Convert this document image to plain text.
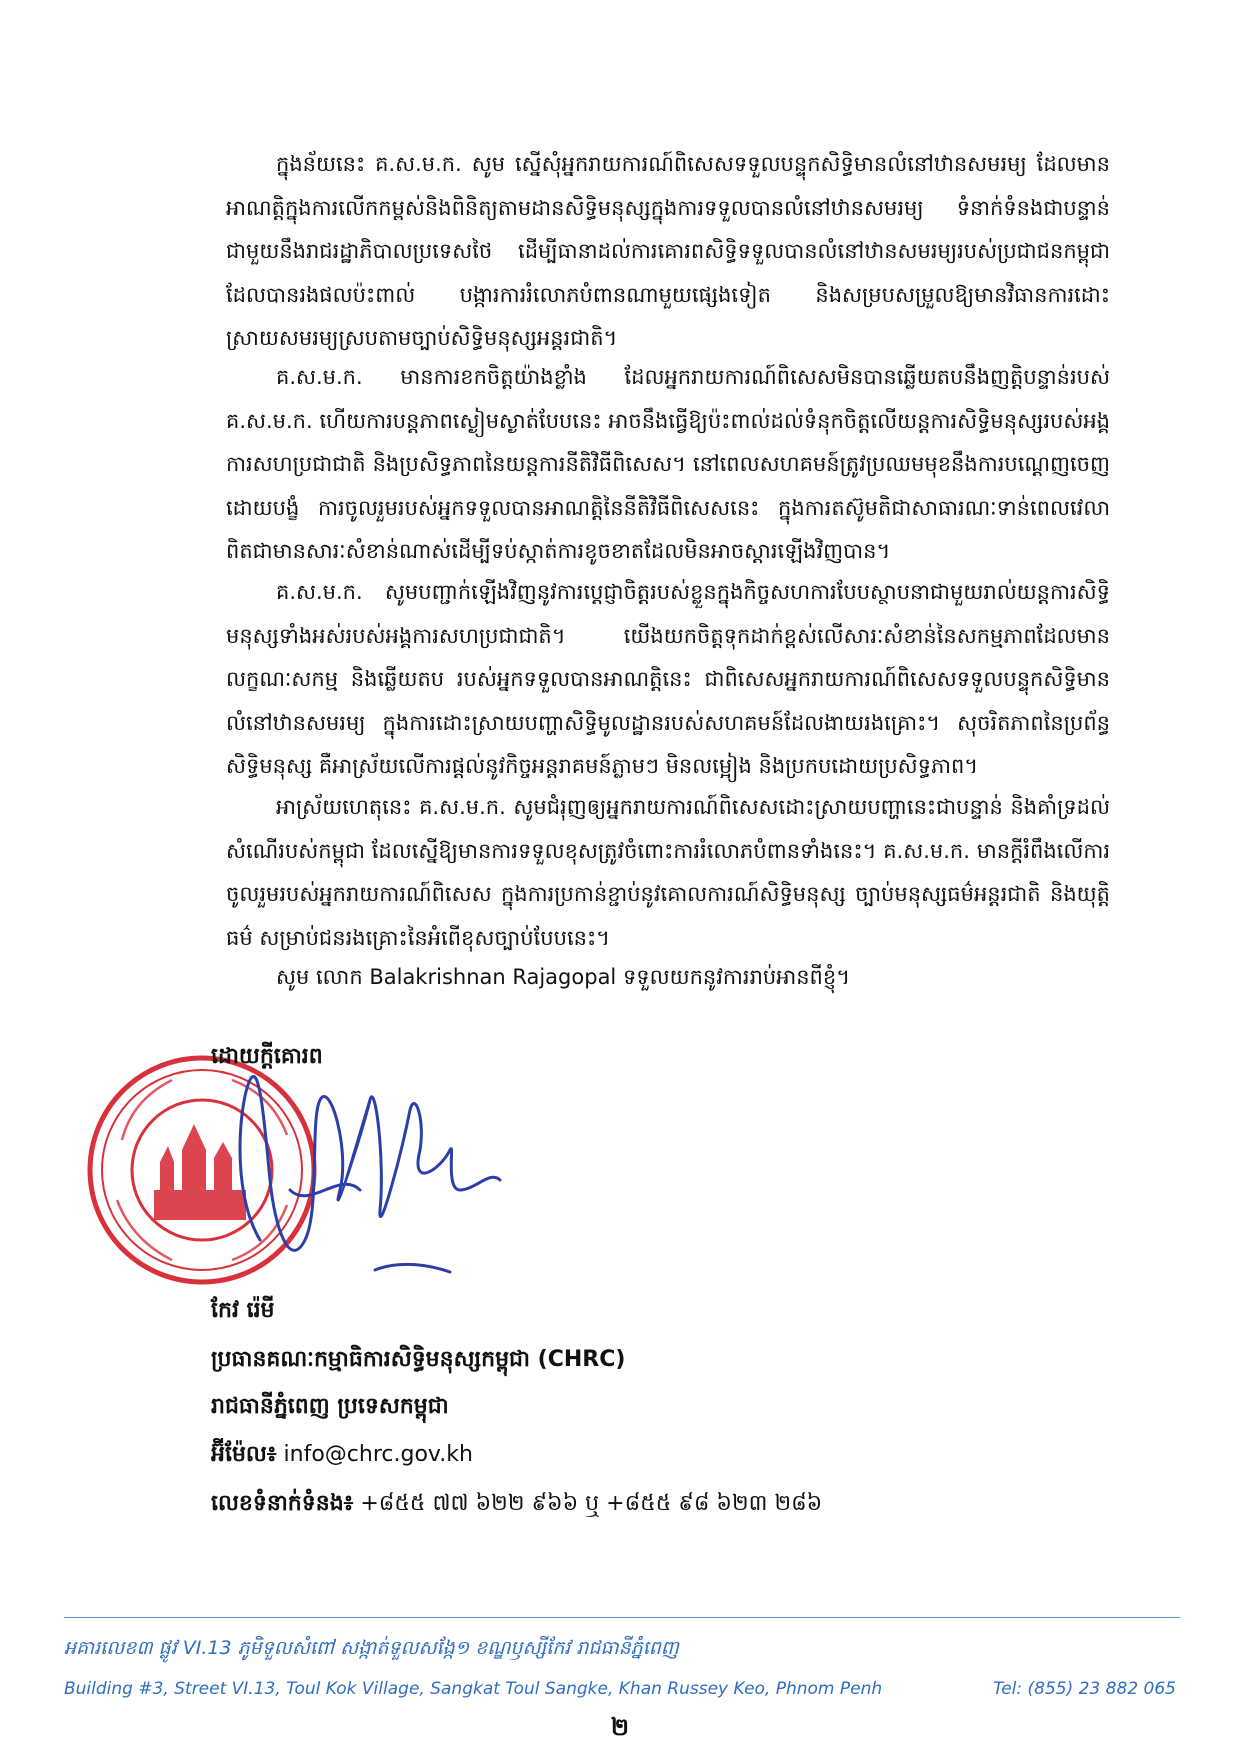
ក្នុងន័យនេះ គ.ស.ម.ក. សូម ស្នើសុំអ្នករាយការណ៍ពិសេសទទួលបន្ទុកសិទ្ធិមានលំនៅឋានសមរម្យ ដែលមានអាណត្តិក្នុងការលើកកម្ពស់និងពិនិត្យតាមដានសិទ្ធិមនុស្សក្នុងការទទួលបានលំនៅឋានសមរម្យ ទំនាក់ទំនងជាបន្ទាន់ជាមួយនឹងរាជរដ្ឋាភិបាលប្រទេសថៃ ដើម្បីធានាដល់ការគោរពសិទ្ធិទទួលបានលំនៅឋានសមរម្យរបស់ប្រជាជនកម្ពុជាដែលបានរងផលប៉ះពាល់ បង្ការការរំលោភបំពានណាមួយផ្សេងទៀត និងសម្របសម្រួលឱ្យមានវិធានការដោះស្រាយសមរម្យស្របតាមច្បាប់សិទ្ធិមនុស្សអន្តរជាតិ។

គ.ស.ម.ក. មានការខកចិត្តយ៉ាងខ្លាំង ដែលអ្នករាយការណ៍ពិសេសមិនបានឆ្លើយតបនឹងញត្តិបន្ទាន់របស់ គ.ស.ម.ក. ហើយការបន្តភាពស្ងៀមស្ងាត់បែបនេះ អាចនឹងធ្វើឱ្យប៉ះពាល់ដល់ទំនុកចិត្តលើយន្តការសិទ្ធិមនុស្សរបស់អង្គការសហប្រជាជាតិ និងប្រសិទ្ធភាពនៃយន្តការនីតិវិធីពិសេស។ នៅពេលសហគមន៍ត្រូវប្រឈមមុខនឹងការបណ្តេញចេញដោយបង្ខំ ការចូលរួមរបស់អ្នកទទួលបានអាណត្តិនៃនីតិវិធីពិសេសនេះ ក្នុងការតស៊ូមតិជាសាធារណៈទាន់ពេលវេលា ពិតជាមានសារៈសំខាន់ណាស់ដើម្បីទប់ស្កាត់ការខូចខាតដែលមិនអាចស្តារឡើងវិញបាន។

គ.ស.ម.ក. សូមបញ្ជាក់ឡើងវិញនូវការប្តេជ្ញាចិត្តរបស់ខ្លួនក្នុងកិច្ចសហការបែបស្ថាបនាជាមួយរាល់យន្តការសិទ្ធិមនុស្សទាំងអស់របស់អង្គការសហប្រជាជាតិ។ យើងយកចិត្តទុកដាក់ខ្ពស់លើសារៈសំខាន់នៃសកម្មភាពដែលមានលក្ខណៈសកម្ម និងឆ្លើយតប របស់អ្នកទទួលបានអាណត្តិនេះ ជាពិសេសអ្នករាយការណ៍ពិសេសទទួលបន្ទុកសិទ្ធិមានលំនៅឋានសមរម្យ ក្នុងការដោះស្រាយបញ្ហាសិទ្ធិមូលដ្ឋានរបស់សហគមន៍ដែលងាយរងគ្រោះ។ សុចរិតភាពនៃប្រព័ន្ធសិទ្ធិមនុស្ស គឺអាស្រ័យលើការផ្តល់នូវកិច្ចអន្តរាគមន៍ភ្លាមៗ មិនលម្អៀង និងប្រកបដោយប្រសិទ្ធភាព។

អាស្រ័យហេតុនេះ គ.ស.ម.ក. សូមជំរុញឲ្យអ្នករាយការណ៍ពិសេសដោះស្រាយបញ្ហានេះជាបន្ទាន់ និងគាំទ្រដល់សំណើរបស់កម្ពុជា ដែលស្នើឱ្យមានការទទួលខុសត្រូវចំពោះការរំលោភបំពានទាំងនេះ។ គ.ស.ម.ក. មានក្តីរំពឹងលើការចូលរួមរបស់អ្នករាយការណ៍ពិសេស ក្នុងការប្រកាន់ខ្ជាប់នូវគោលការណ៍សិទ្ធិមនុស្ស ច្បាប់មនុស្សធម៌អន្តរជាតិ និងយុត្តិធម៌ សម្រាប់ជនរងគ្រោះនៃអំពើខុសច្បាប់បែបនេះ។

សូម លោក Balakrishnan Rajagopal ទទួលយកនូវការរាប់អានពីខ្ញុំ។

ដោយក្តីគោរព
កែវ រ៉េមី
ប្រធានគណៈកម្មាធិការសិទ្ធិមនុស្សកម្ពុជា (CHRC)
រាជធានីភ្នំពេញ ប្រទេសកម្ពុជា
អ៊ីម៉ែល៖ info@chrc.gov.kh
លេខទំនាក់ទំនង៖ +៨៥៥ ៧៧ ៦២២ ៩៦៦ ឬ +៨៥៥ ៩៨ ៦២៣ ២៨៦
អគារលេខ៣ ផ្លូវ VI.13 ភូមិទួលសំពៅ សង្កាត់ទួលសង្កែ១ ខណ្ឌឫស្សីកែវ រាជធានីភ្នំពេញ
Building #3, Street VI.13, Toul Kok Village, Sangkat Toul Sangke, Khan Russey Keo, Phnom Penh	Tel: (855) 23 882 065
២
